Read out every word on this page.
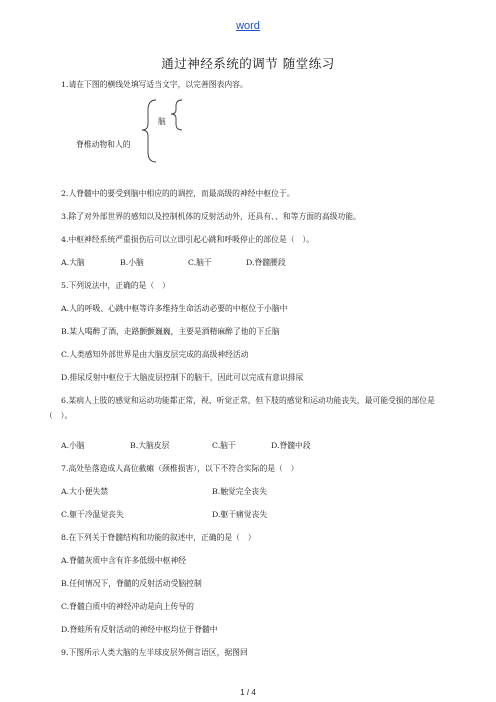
word
通过神经系统的调节 随堂练习
1.请在下图的横线处填写适当文字，以完善图表内容。
脑
脊椎动物和人的
2.人脊髓中的要受到脑中相应的的调控，而最高级的神经中枢位于。
3.除了对外部世界的感知以及控制机体的反射活动外，还具有、、和等方面的高级功能。
4.中枢神经系统严重损伤后可以立即引起心跳和呼吸停止的部位是（　）。
A.大脑	B.小脑	C.脑干	D.脊髓腰段
5.下列说法中，正确的是（　）
A.人的呼吸、心跳中枢等许多维持生命活动必要的中枢位于小脑中
B.某人喝醉了酒，走路颤颤巍巍，主要是酒精麻醉了他的下丘脑
C.人类感知外部世界是由大脑皮层完成的高级神经活动
D.排尿反射中枢位于大脑皮层控制下的脑干，因此可以完成有意识排尿
6.某病人上肢的感觉和运动功能都正常，视、听觉正常，但下肢的感觉和运动功能丧失，最可能受损的部位是（　）。
A.小脑	B.大脑皮层	C.脑干	D.脊髓中段
7.高处坠落造成人高位截瘫（颈椎损害），以下不符合实际的是（　）
A.大小便失禁	B.触觉完全丧失
C.躯干冷温觉丧失	D.躯干痛觉丧失
8.在下列关于脊髓结构和功能的叙述中，正确的是（　）
A.脊髓灰质中含有许多低级中枢神经
B.任何情况下，脊髓的反射活动受脑控制
C.脊髓白质中的神经冲动是向上传导的
D.脊蛙所有反射活动的神经中枢均位于脊髓中
9.下图所示人类大脑的左半球皮层外侧言语区，据图回
1 / 4
